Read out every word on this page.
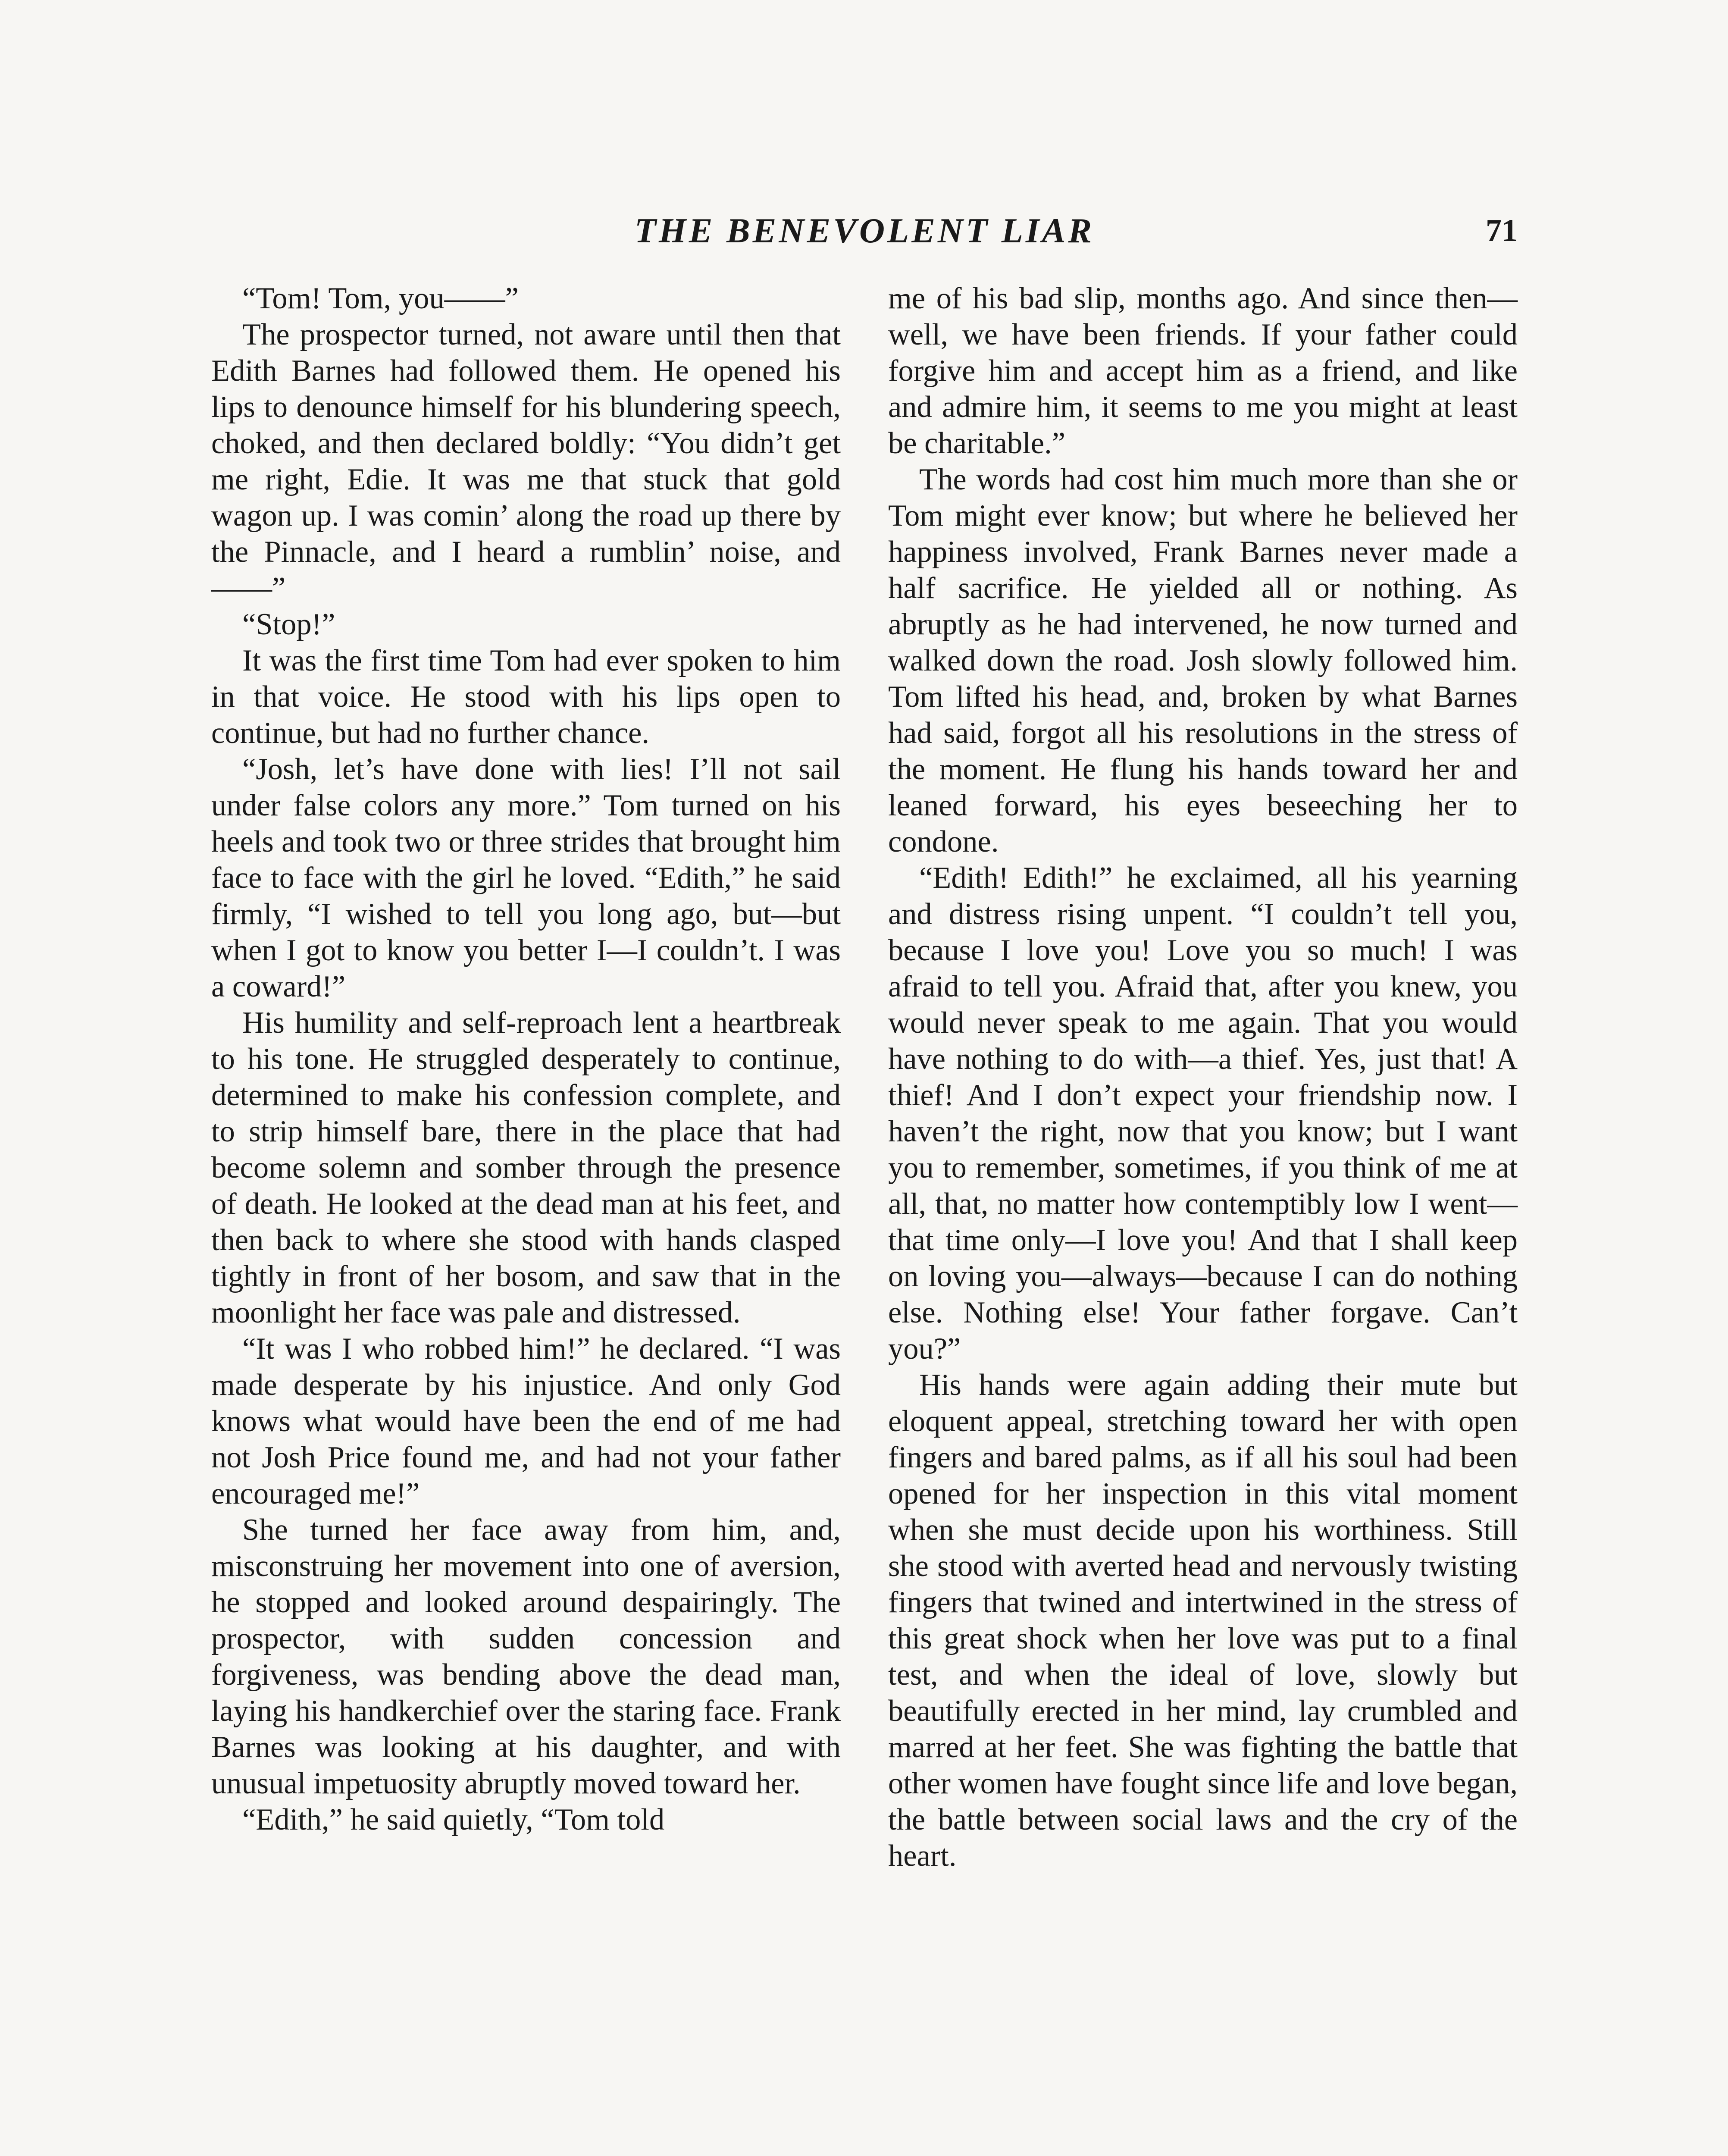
THE BENEVOLENT LIAR	71

“Tom! Tom, you——”

The prospector turned, not aware until then that Edith Barnes had followed them. He opened his lips to denounce himself for his blundering speech, choked, and then declared boldly: “You didn’t get me right, Edie. It was me that stuck that gold wagon up. I was comin’ along the road up there by the Pinnacle, and I heard a rumblin’ noise, and——”

“Stop!”

It was the first time Tom had ever spoken to him in that voice. He stood with his lips open to continue, but had no further chance.

“Josh, let’s have done with lies! I’ll not sail under false colors any more.” Tom turned on his heels and took two or three strides that brought him face to face with the girl he loved. “Edith,” he said firmly, “I wished to tell you long ago, but—but when I got to know you better I—I couldn’t. I was a coward!”

His humility and self-reproach lent a heartbreak to his tone. He struggled desperately to continue, determined to make his confession complete, and to strip himself bare, there in the place that had become solemn and somber through the presence of death. He looked at the dead man at his feet, and then back to where she stood with hands clasped tightly in front of her bosom, and saw that in the moonlight her face was pale and distressed.

“It was I who robbed him!” he declared. “I was made desperate by his injustice. And only God knows what would have been the end of me had not Josh Price found me, and had not your father encouraged me!”

She turned her face away from him, and, misconstruing her movement into one of aversion, he stopped and looked around despairingly. The prospector, with sudden concession and forgiveness, was bending above the dead man, laying his handkerchief over the staring face. Frank Barnes was looking at his daughter, and with unusual impetuosity abruptly moved toward her.

“Edith,” he said quietly, “Tom told

me of his bad slip, months ago. And since then—well, we have been friends. If your father could forgive him and accept him as a friend, and like and admire him, it seems to me you might at least be charitable.”

The words had cost him much more than she or Tom might ever know; but where he believed her happiness involved, Frank Barnes never made a half sacrifice. He yielded all or nothing. As abruptly as he had intervened, he now turned and walked down the road. Josh slowly followed him. Tom lifted his head, and, broken by what Barnes had said, forgot all his resolutions in the stress of the moment. He flung his hands toward her and leaned forward, his eyes beseeching her to condone.

“Edith! Edith!” he exclaimed, all his yearning and distress rising unpent. “I couldn’t tell you, because I love you! Love you so much! I was afraid to tell you. Afraid that, after you knew, you would never speak to me again. That you would have nothing to do with—a thief. Yes, just that! A thief! And I don’t expect your friendship now. I haven’t the right, now that you know; but I want you to remember, sometimes, if you think of me at all, that, no matter how contemptibly low I went—that time only—I love you! And that I shall keep on loving you—always—because I can do nothing else. Nothing else! Your father forgave. Can’t you?”

His hands were again adding their mute but eloquent appeal, stretching toward her with open fingers and bared palms, as if all his soul had been opened for her inspection in this vital moment when she must decide upon his worthiness. Still she stood with averted head and nervously twisting fingers that twined and intertwined in the stress of this great shock when her love was put to a final test, and when the ideal of love, slowly but beautifully erected in her mind, lay crumbled and marred at her feet. She was fighting the battle that other women have fought since life and love began, the battle between social laws and the cry of the heart.
